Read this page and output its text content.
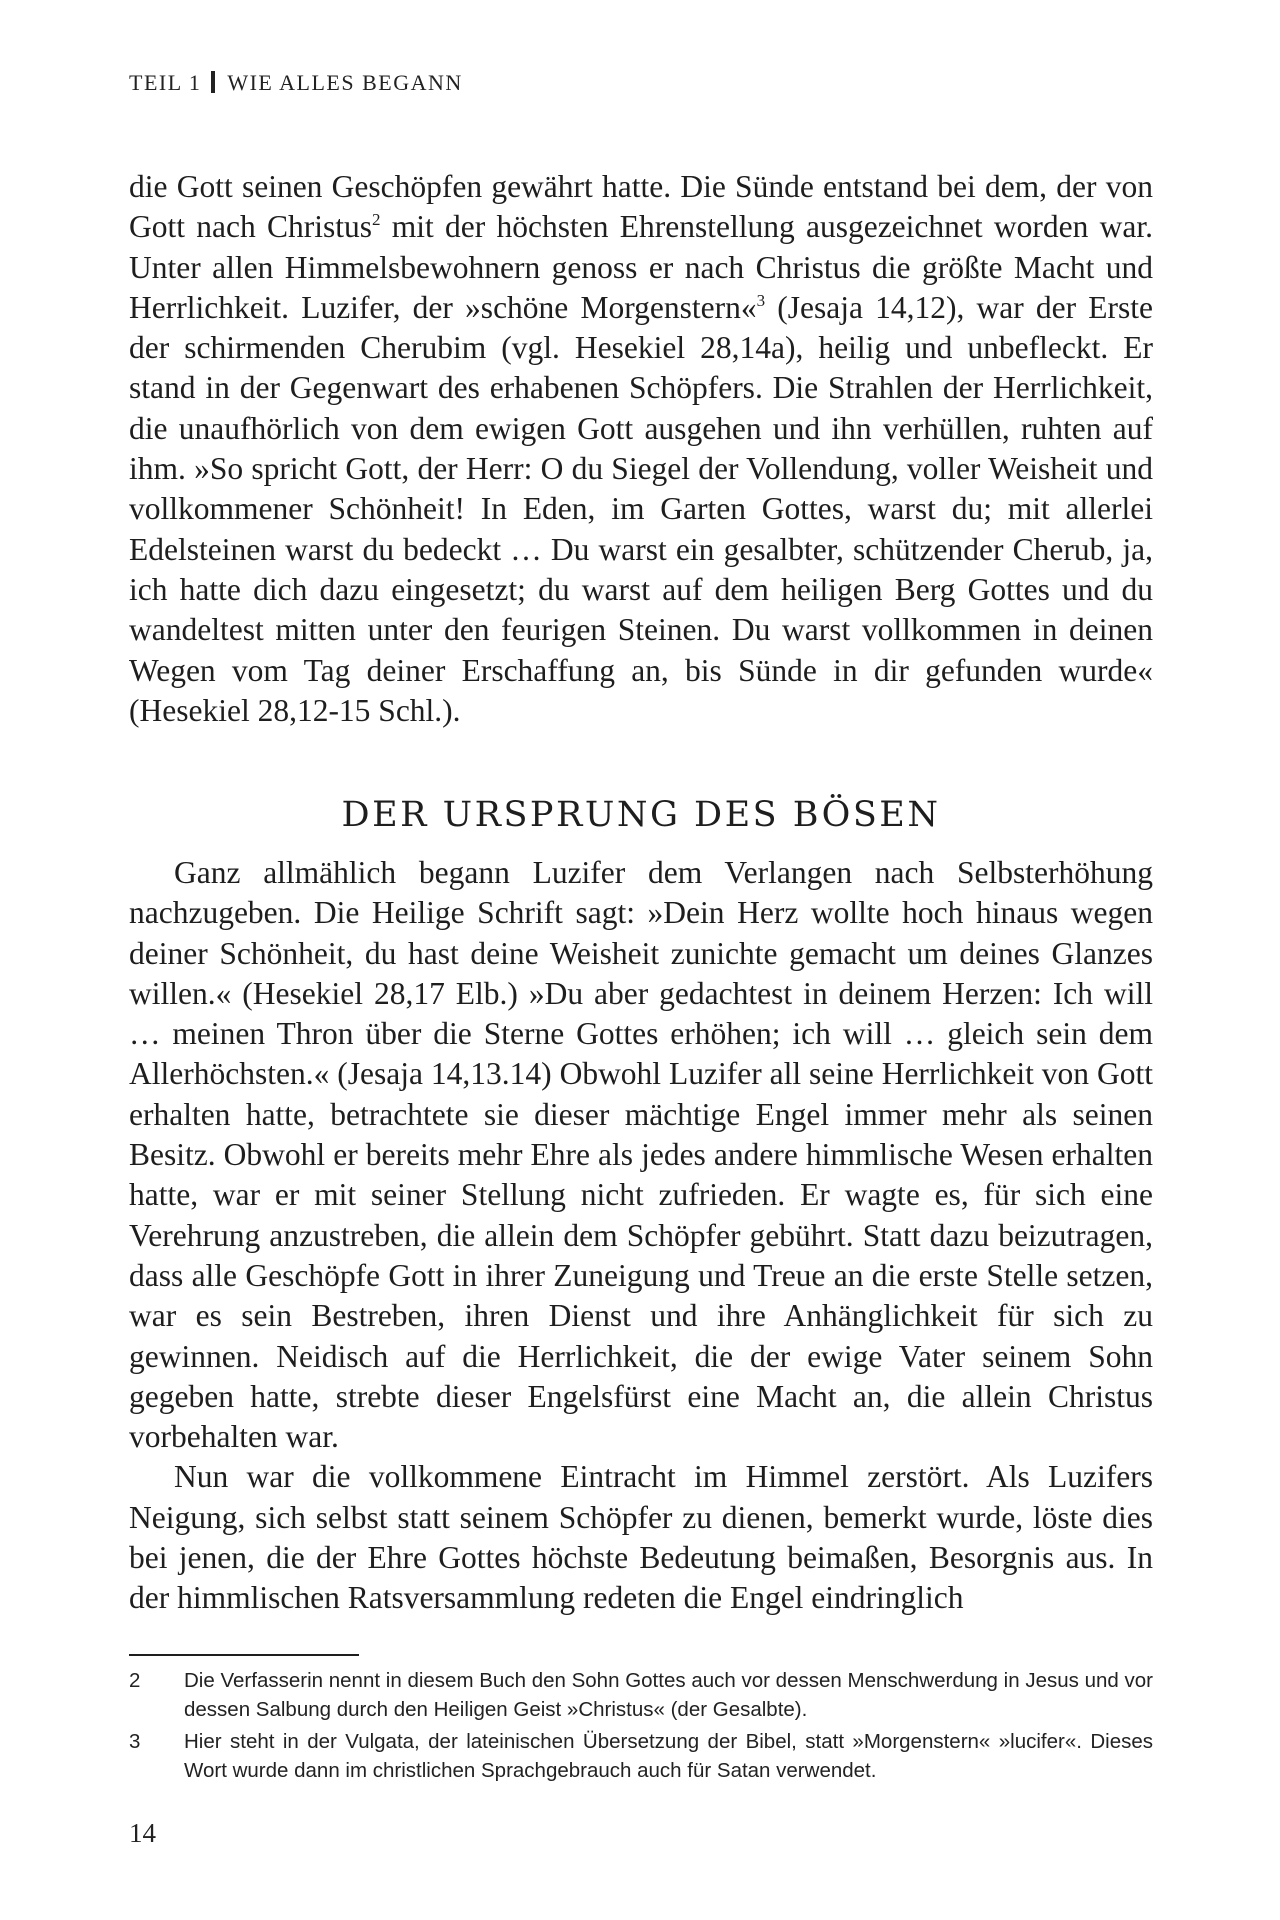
TEIL 1 WIE ALLES BEGANN

die Gott seinen Geschöpfen gewährt hatte. Die Sünde entstand bei dem, der von Gott nach Christus$^2$ mit der höchsten Ehrenstellung ausgezeichnet worden war. Unter allen Himmelsbewohnern genoss er nach Christus die größte Macht und Herrlichkeit. Luzifer, der »schöne Morgenstern«$^3$ (Jesaja 14,12), war der Erste der schirmenden Cherubim (vgl. Hesekiel 28,14a), heilig und unbefleckt. Er stand in der Gegenwart des erhabenen Schöpfers. Die Strahlen der Herrlichkeit, die unaufhörlich von dem ewigen Gott ausgehen und ihn verhüllen, ruhten auf ihm. »So spricht Gott, der Herr: O du Siegel der Vollendung, voller Weisheit und vollkommener Schönheit! In Eden, im Garten Gottes, warst du; mit allerlei Edelsteinen warst du bedeckt … Du warst ein gesalbter, schützender Cherub, ja, ich hatte dich dazu eingesetzt; du warst auf dem heiligen Berg Gottes und du wandeltest mitten unter den feurigen Steinen. Du warst vollkommen in deinen Wegen vom Tag deiner Erschaffung an, bis Sünde in dir gefunden wurde« (Hesekiel 28,12-15 Schl.).

DER URSPRUNG DES BÖSEN

Ganz allmählich begann Luzifer dem Verlangen nach Selbsterhöhung nachzugeben. Die Heilige Schrift sagt: »Dein Herz wollte hoch hinaus wegen deiner Schönheit, du hast deine Weisheit zunichte gemacht um deines Glanzes willen.« (Hesekiel 28,17 Elb.) »Du aber gedachtest in deinem Herzen: Ich will … meinen Thron über die Sterne Gottes erhöhen; ich will … gleich sein dem Allerhöchsten.« (Jesaja 14,13.14) Obwohl Luzifer all seine Herrlichkeit von Gott erhalten hatte, betrachtete sie dieser mächtige Engel immer mehr als seinen Besitz. Obwohl er bereits mehr Ehre als jedes andere himmlische Wesen erhalten hatte, war er mit seiner Stellung nicht zufrieden. Er wagte es, für sich eine Verehrung anzustreben, die allein dem Schöpfer gebührt. Statt dazu beizutragen, dass alle Geschöpfe Gott in ihrer Zuneigung und Treue an die erste Stelle setzen, war es sein Bestreben, ihren Dienst und ihre Anhänglichkeit für sich zu gewinnen. Neidisch auf die Herrlichkeit, die der ewige Vater seinem Sohn gegeben hatte, strebte dieser Engelsfürst eine Macht an, die allein Christus vorbehalten war.

Nun war die vollkommene Eintracht im Himmel zerstört. Als Luzifers Neigung, sich selbst statt seinem Schöpfer zu dienen, bemerkt wurde, löste dies bei jenen, die der Ehre Gottes höchste Bedeutung beimaßen, Besorgnis aus. In der himmlischen Ratsversammlung redeten die Engel eindringlich

2	Die Verfasserin nennt in diesem Buch den Sohn Gottes auch vor dessen Menschwerdung in Jesus und vor dessen Salbung durch den Heiligen Geist »Christus« (der Gesalbte).
3	Hier steht in der Vulgata, der lateinischen Übersetzung der Bibel, statt »Morgenstern« »lucifer«. Dieses Wort wurde dann im christlichen Sprachgebrauch auch für Satan verwendet.
14
